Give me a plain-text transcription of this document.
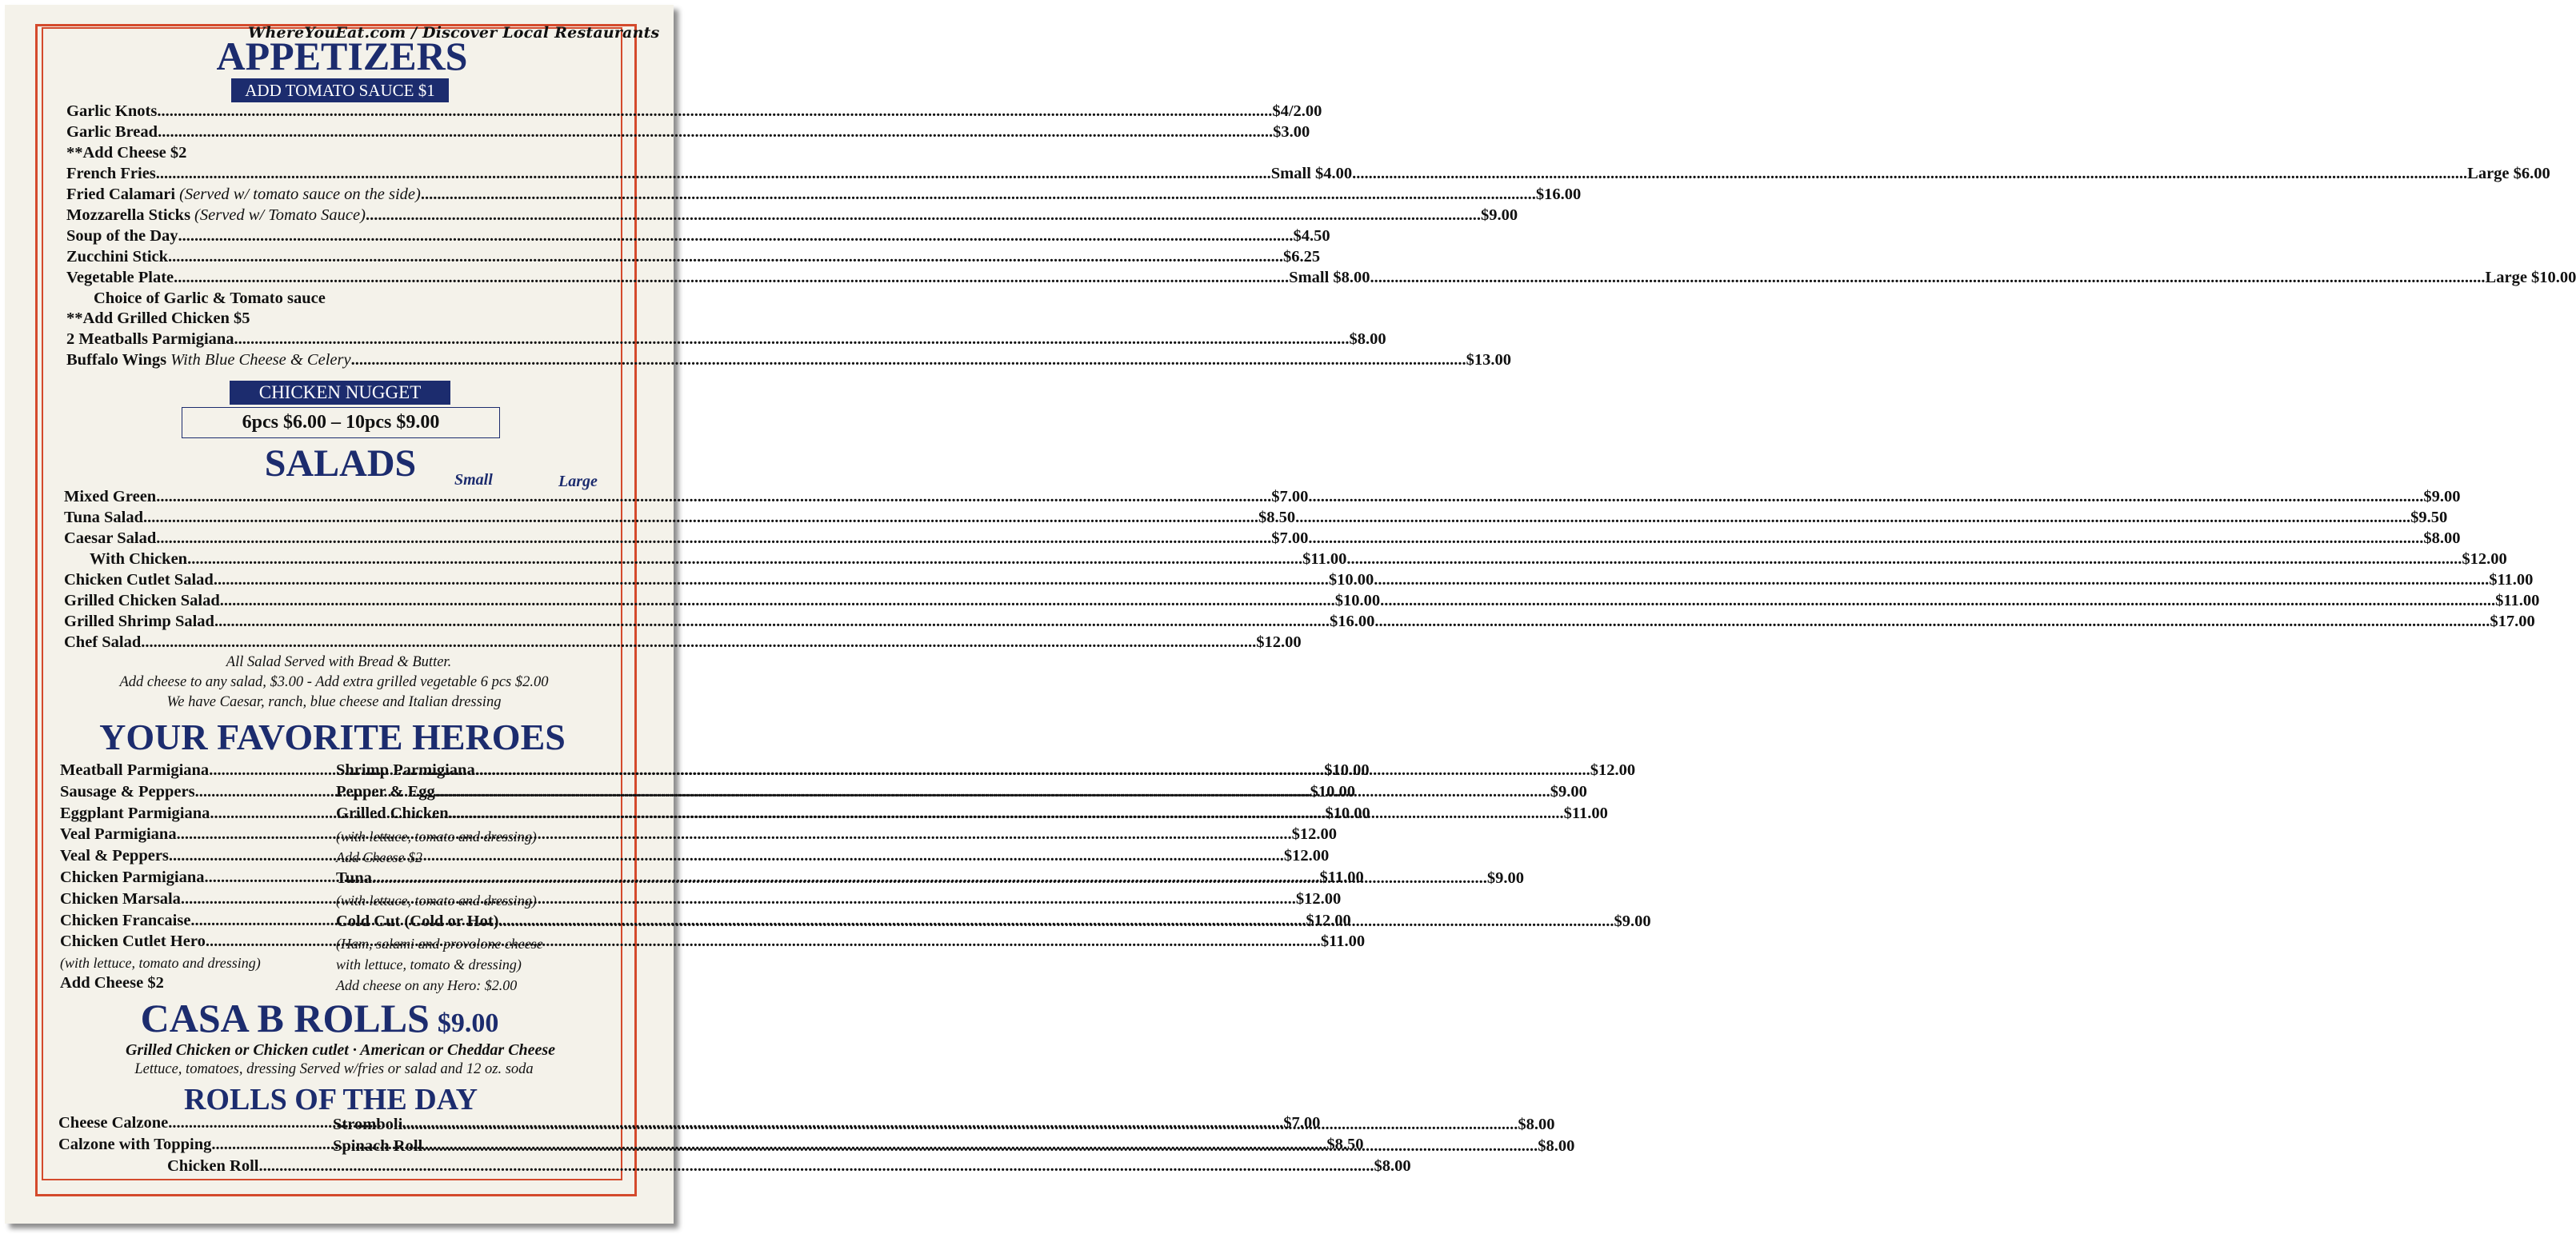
WhereYouEat.com / Discover Local Restaurants
APPETIZERS
ADD TOMATO SAUCE $1
Garlic Knots .....	$4/2.00
Garlic Bread .....	$3.00
**Add Cheese $2
French Fries .....	Small $4.00 .....	Large $6.00
Fried Calamari (Served w/ tomato sauce on the side) .....	$16.00
Mozzarella Sticks (Served w/ Tomato Sauce) .....	$9.00
Soup of the Day .....	$4.50
Zucchini Stick .....	$6.25
Vegetable Plate .....	Small $8.00 .....	Large $10.00
Choice of Garlic & Tomato sauce
**Add Grilled Chicken $5
2 Meatballs Parmigiana .....	$8.00
Buffalo Wings With Blue Cheese & Celery .....	$13.00
CHICKEN NUGGET
6pcs $6.00 – 10pcs $9.00
SALADS	Small	Large
Mixed Green .....	$7.00 .....	$9.00
Tuna Salad .....	$8.50 .....	$9.50
Caesar Salad .....	$7.00 .....	$8.00
With Chicken .....	$11.00 .....	$12.00
Chicken Cutlet Salad .....	$10.00 .....	$11.00
Grilled Chicken Salad .....	$10.00 .....	$11.00
Grilled Shrimp Salad .....	$16.00 .....	$17.00
Chef Salad .....	$12.00
All Salad Served with Bread & Butter.
Add cheese to any salad, $3.00 - Add extra grilled vegetable 6 pcs $2.00
We have Caesar, ranch, blue cheese and Italian dressing
YOUR FAVORITE HEROES
Meatball Parmigiana .....	$10.00
Sausage & Peppers .....	$10.00
Eggplant Parmigiana .....	$10.00
Veal Parmigiana .....	$12.00
Veal & Peppers .....	$12.00
Chicken Parmigiana .....	$11.00
Chicken Marsala .....	$12.00
Chicken Francaise .....	$12.00
Chicken Cutlet Hero .....	$11.00
(with lettuce, tomato and dressing)
Add Cheese $2
Shrimp Parmigiana .....	$12.00
Pepper & Egg .....	$9.00
Grilled Chicken .....	$11.00
(with lettuce, tomato and dressing)
Add Cheese $2
Tuna .....	$9.00
(with lettuce, tomato and dressing)
Cold Cut (Cold or Hot) .....	$9.00
(Ham, salami and provolone cheese
with lettuce, tomato & dressing)
Add cheese on any Hero: $2.00
CASA B ROLLS $9.00
Grilled Chicken or Chicken cutlet · American or Cheddar Cheese
Lettuce, tomatoes, dressing Served w/fries or salad and 12 oz. soda
ROLLS OF THE DAY
Cheese Calzone .....	$7.00
Calzone with Topping .....	$8.50
Stromboli .....	$8.00
Spinach Roll .....	$8.00
Chicken Roll .....	$8.00
